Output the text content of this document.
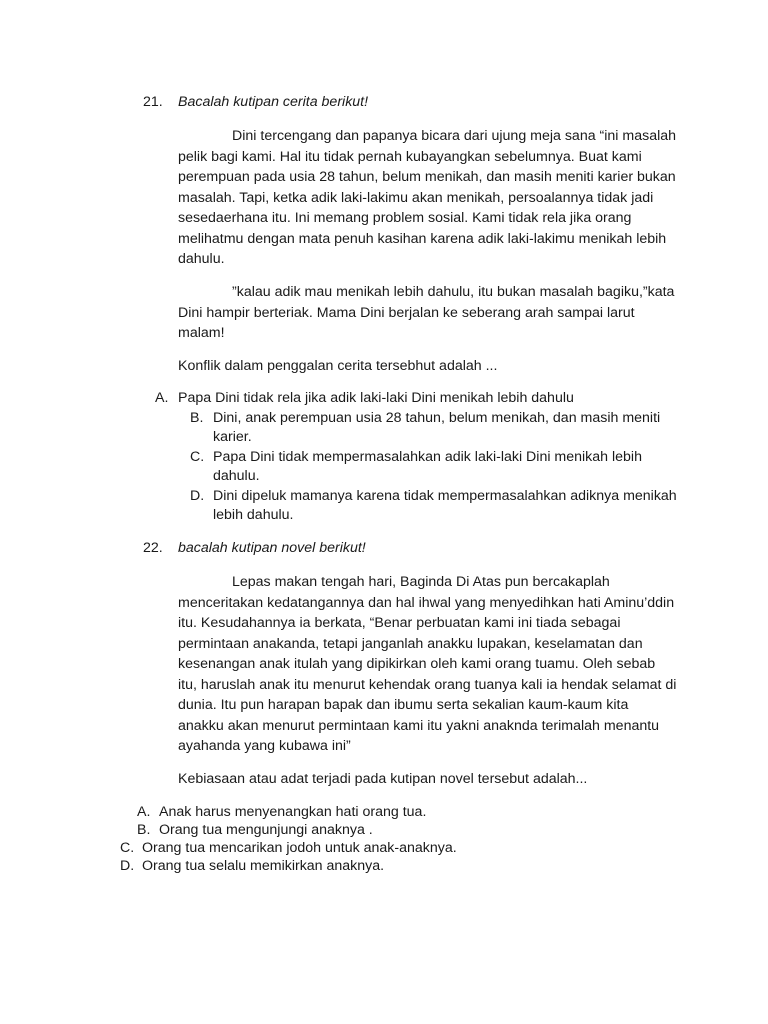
21. Bacalah kutipan cerita berikut!

Dini tercengang dan papanya bicara dari ujung meja sana “ini masalah pelik bagi kami. Hal itu tidak pernah kubayangkan sebelumnya. Buat kami perempuan pada usia 28 tahun, belum menikah, dan masih meniti karier bukan masalah. Tapi, ketka adik laki-lakimu akan menikah, persoalannya tidak jadi sesedaerhana itu. Ini memang problem sosial. Kami tidak rela jika orang melihatmu dengan mata penuh kasihan karena adik laki-lakimu menikah lebih dahulu.

”kalau adik mau menikah lebih dahulu, itu bukan masalah bagiku,”kata Dini hampir berteriak. Mama Dini berjalan ke seberang arah sampai larut malam!

Konflik dalam penggalan cerita tersebhut adalah ...

A. Papa Dini tidak rela jika adik laki-laki Dini menikah lebih dahulu
B. Dini, anak perempuan usia 28 tahun, belum menikah, dan masih meniti karier.
C. Papa Dini tidak mempermasalahkan adik laki-laki Dini menikah lebih dahulu.
D. Dini dipeluk mamanya karena tidak mempermasalahkan adiknya menikah lebih dahulu.
22. bacalah kutipan novel berikut!

Lepas makan tengah hari, Baginda Di Atas pun bercakaplah menceritakan kedatangannya dan hal ihwal yang menyedihkan hati Aminu’ddin itu. Kesudahannya ia berkata, “Benar perbuatan kami ini tiada sebagai permintaan anakanda, tetapi janganlah anakku lupakan, keselamatan dan kesenangan anak itulah yang dipikirkan oleh kami orang tuamu. Oleh sebab itu, haruslah anak itu menurut kehendak orang tuanya kali ia hendak selamat di dunia. Itu pun harapan bapak dan ibumu serta sekalian kaum-kaum kita anakku akan menurut permintaan kami itu yakni anaknda terimalah menantu ayahanda yang kubawa ini”

Kebiasaan atau adat terjadi pada kutipan novel tersebut adalah...

A. Anak harus menyenangkan hati orang tua.
B. Orang tua mengunjungi anaknya .
C. Orang tua mencarikan jodoh untuk anak-anaknya.
D. Orang tua selalu memikirkan anaknya.
